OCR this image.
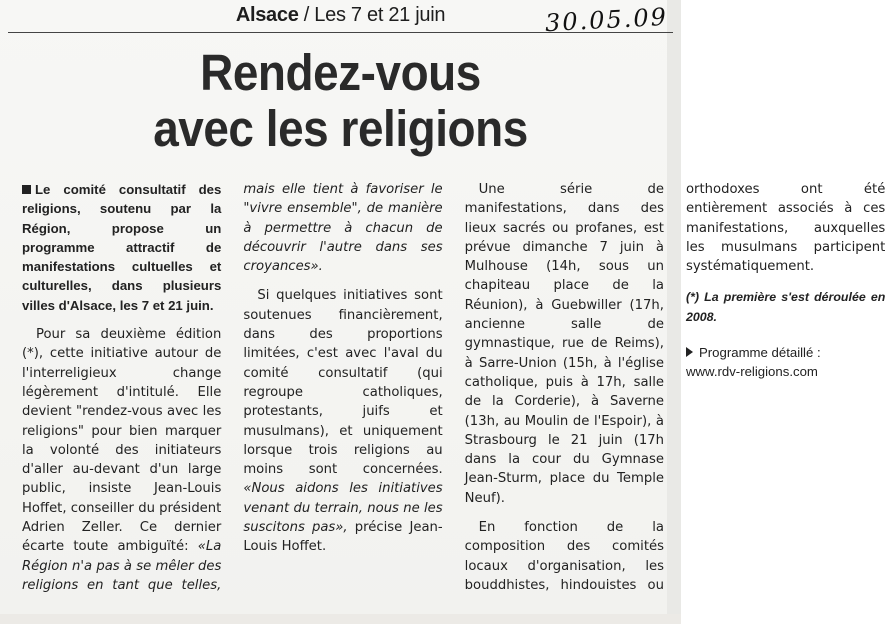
Alsace / Les 7 et 21 juin	30.05.09
Rendez-vous
avec les religions

Le comité consultatif des religions, soutenu par la Région, propose un programme attractif de manifestations cultuelles et culturelles, dans plusieurs villes d'Alsace, les 7 et 21 juin.

Pour sa deuxième édition (*), cette initiative autour de l'interreligieux change légèrement d'intitulé. Elle devient "rendez-vous avec les religions" pour bien marquer la volonté des initiateurs d'aller au-devant d'un large public, insiste Jean-Louis Hoffet, conseiller du président Adrien Zeller. Ce dernier écarte toute ambiguïté: «La Région n'a pas à se mêler des religions en tant que telles, mais elle tient à favoriser le "vivre ensemble", de manière à permettre à chacun de découvrir l'autre dans ses croyances».

Si quelques initiatives sont soutenues financièrement, dans des proportions limitées, c'est avec l'aval du comité consultatif (qui regroupe catholiques, protestants, juifs et musulmans), et uniquement lorsque trois religions au moins sont concernées. «Nous aidons les initiatives venant du terrain, nous ne les suscitons pas», précise Jean-Louis Hoffet.

Une série de manifestations, dans des lieux sacrés ou profanes, est prévue dimanche 7 juin à Mulhouse (14h, sous un chapiteau place de la Réunion), à Guebwiller (17h, ancienne salle de gymnastique, rue de Reims), à Sarre-Union (15h, à l'église catholique, puis à 17h, salle de la Corderie), à Saverne (13h, au Moulin de l'Espoir), à Strasbourg le 21 juin (17h dans la cour du Gymnase Jean-Sturm, place du Temple Neuf).

En fonction de la composition des comités locaux d'organisation, les bouddhistes, hindouistes ou orthodoxes ont été entièrement associés à ces manifestations, auxquelles les musulmans participent systématiquement.

(*) La première s'est déroulée en 2008.

Programme détaillé :
www.rdv-religions.com
